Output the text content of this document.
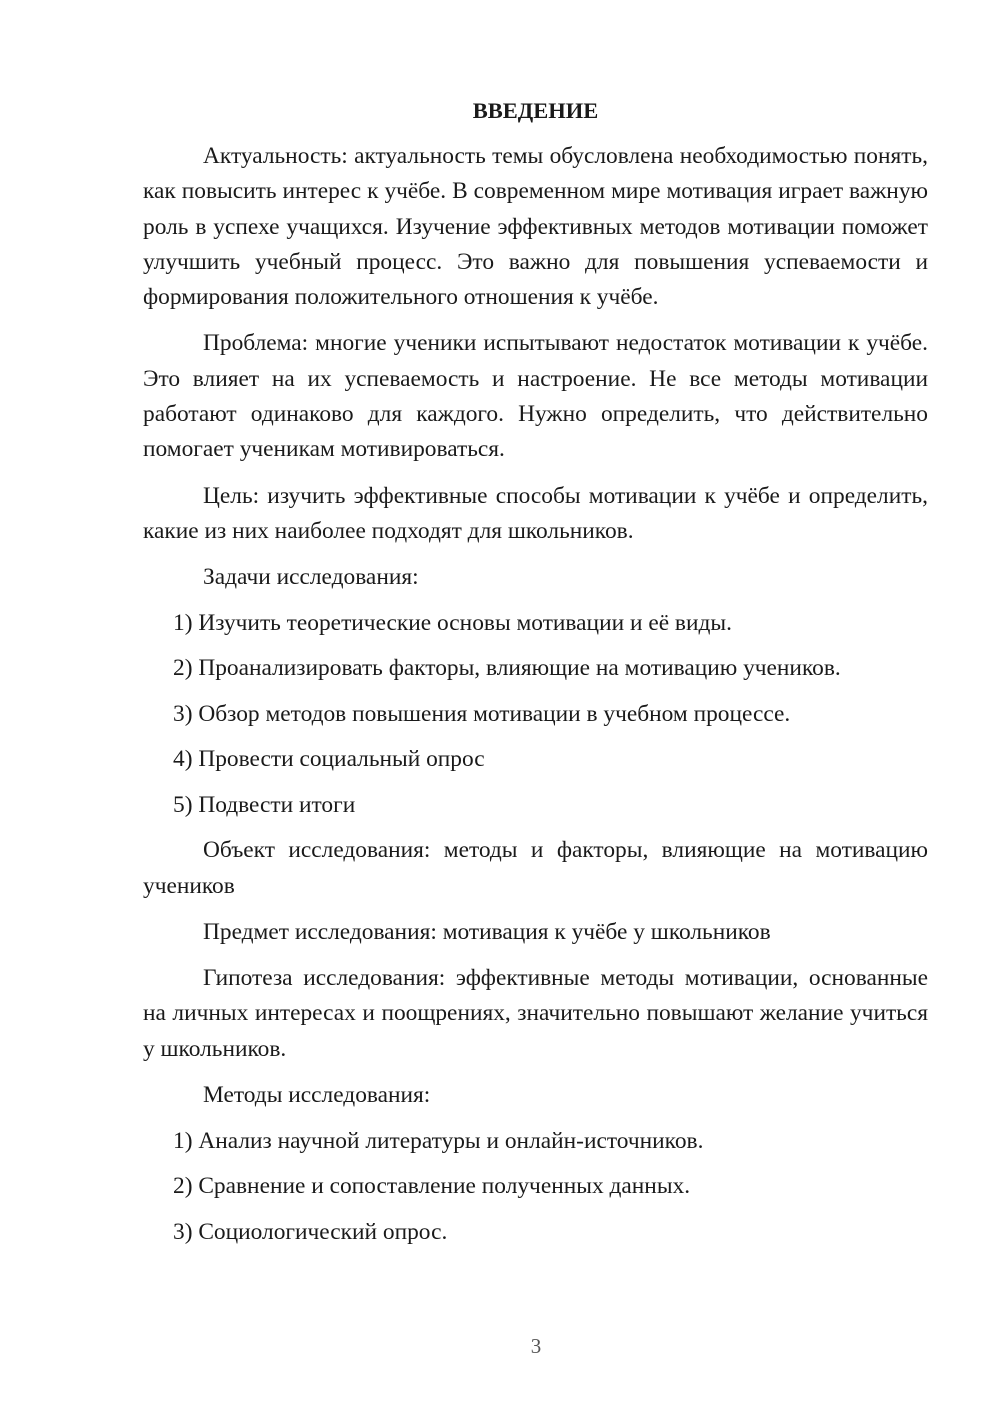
ВВЕДЕНИЕ

Актуальность: актуальность темы обусловлена необходимостью понять, как повысить интерес к учёбе. В современном мире мотивация играет важную роль в успехе учащихся. Изучение эффективных методов мотивации поможет улучшить учебный процесс. Это важно для повышения успеваемости и формирования положительного отношения к учёбе.

Проблема: многие ученики испытывают недостаток мотивации к учёбе. Это влияет на их успеваемость и настроение. Не все методы мотивации работают одинаково для каждого. Нужно определить, что действительно помогает ученикам мотивироваться.

Цель: изучить эффективные способы мотивации к учёбе и определить, какие из них наиболее подходят для школьников.

Задачи исследования:

1) Изучить теоретические основы мотивации и её виды.

2) Проанализировать факторы, влияющие на мотивацию учеников.

3) Обзор методов повышения мотивации в учебном процессе.

4) Провести социальный опрос

5) Подвести итоги

Объект исследования: методы и факторы, влияющие на мотивацию учеников

Предмет исследования: мотивация к учёбе у школьников

Гипотеза исследования: эффективные методы мотивации, основанные на личных интересах и поощрениях, значительно повышают желание учиться у школьников.

Методы исследования:

1) Анализ научной литературы и онлайн-источников.

2) Сравнение и сопоставление полученных данных.

3) Социологический опрос.

3
